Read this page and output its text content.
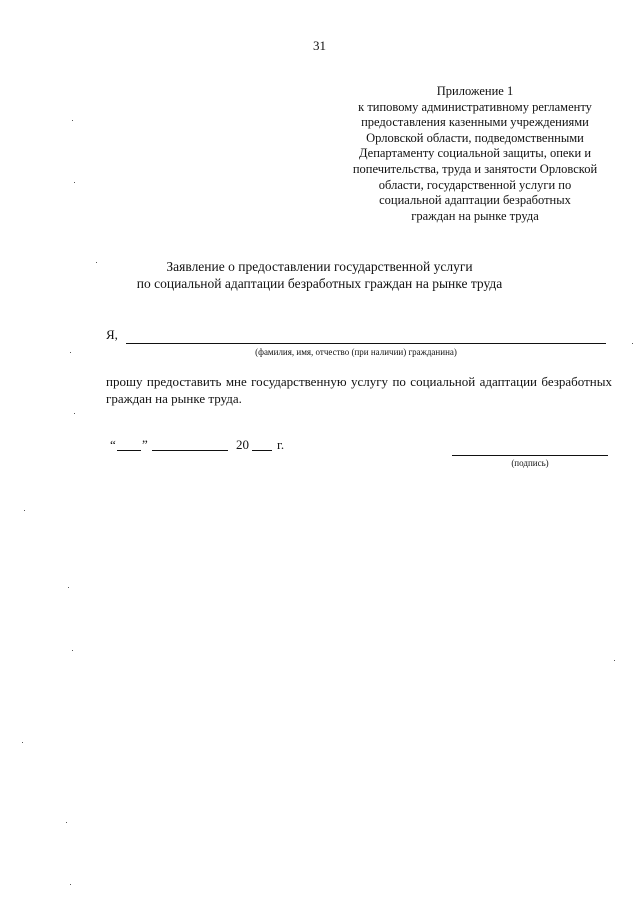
31
Приложение 1
к типовому административному регламенту
предоставления казенными учреждениями
Орловской области, подведомственными
Департаменту социальной защиты, опеки и
попечительства, труда и занятости Орловской
области, государственной услуги по
социальной адаптации безработных
граждан на рынке труда
Заявление о предоставлении государственной услуги
по социальной адаптации безработных граждан на рынке труда
Я,
(фамилия, имя, отчество (при наличии) гражданина)
прошу предоставить мне государственную услугу по социальной адаптации безработных граждан на рынке труда.
“ ”	20 г.
(подпись)
